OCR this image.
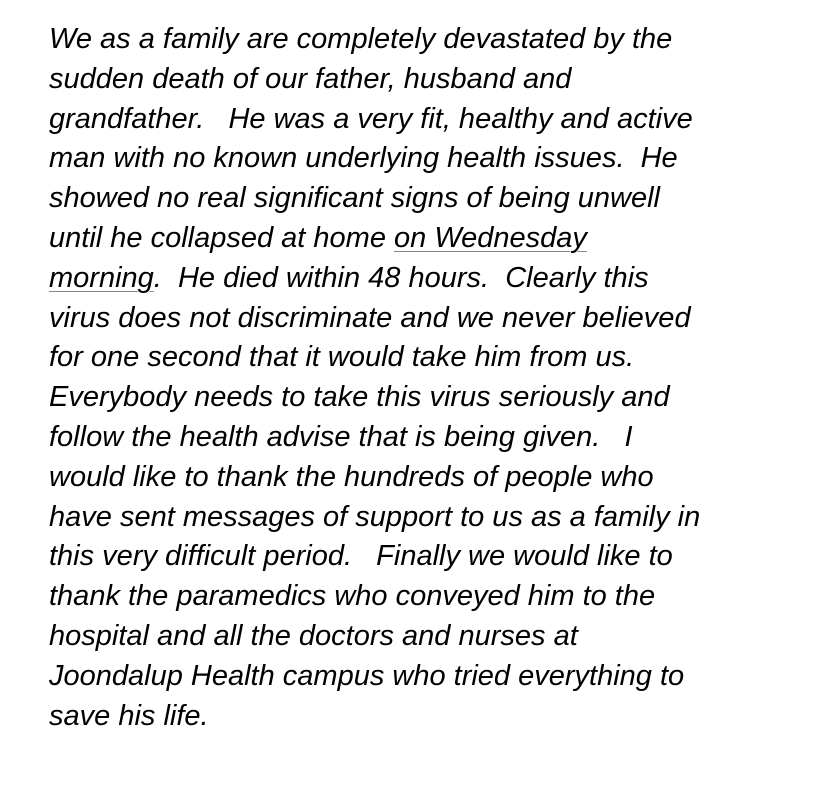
We as a family are completely devastated by the
sudden death of our father, husband and
grandfather.   He was a very fit, healthy and active
man with no known underlying health issues.  He
showed no real significant signs of being unwell
until he collapsed at home on Wednesday
morning.  He died within 48 hours.  Clearly this
virus does not discriminate and we never believed
for one second that it would take him from us.
Everybody needs to take this virus seriously and
follow the health advise that is being given.   I
would like to thank the hundreds of people who
have sent messages of support to us as a family in
this very difficult period.   Finally we would like to
thank the paramedics who conveyed him to the
hospital and all the doctors and nurses at
Joondalup Health campus who tried everything to
save his life.
